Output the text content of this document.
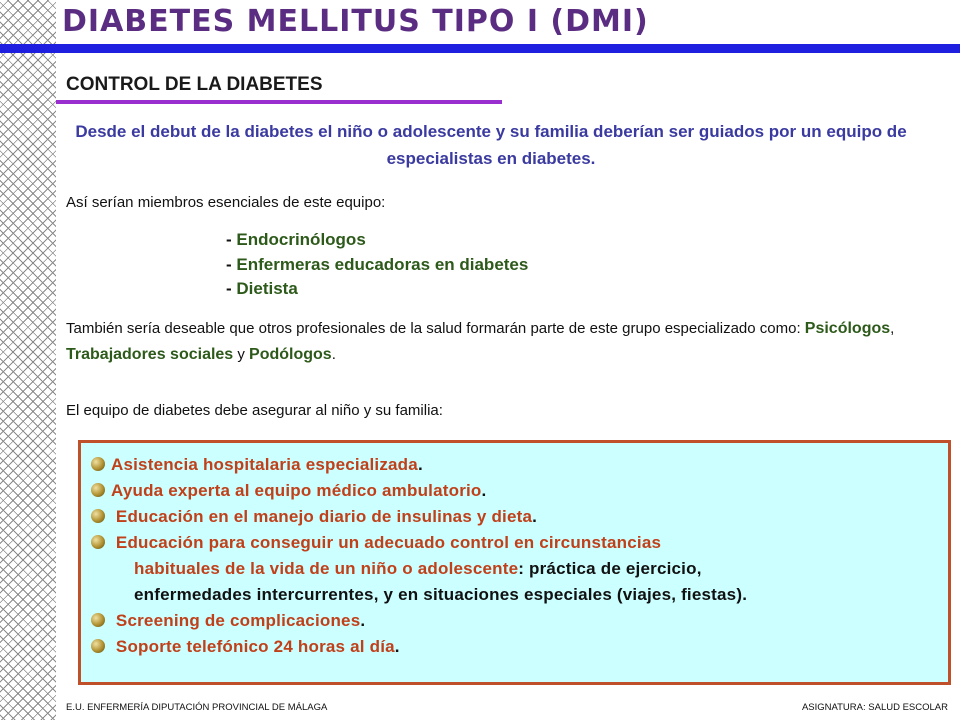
DIABETES MELLITUS TIPO I (DMI)
CONTROL DE LA DIABETES

Desde el debut de la diabetes el niño o adolescente y su familia deberían ser guiados por un equipo de especialistas en diabetes.

Así serían miembros esenciales de este equipo:

- Endocrinólogos
- Enfermeras educadoras en diabetes
- Dietista

También sería deseable que otros profesionales de la salud formarán parte de este grupo especializado como: Psicólogos, Trabajadores sociales y Podólogos.

El equipo de diabetes debe asegurar al niño y su familia:

Asistencia hospitalaria especializada.
Ayuda experta al equipo médico ambulatorio.
Educación en el manejo diario de insulinas y dieta.
Educación para conseguir un adecuado control en circunstancias
habituales de la vida de un niño o adolescente: práctica de ejercicio,
enfermedades intercurrentes, y en situaciones especiales (viajes, fiestas).
Screening de complicaciones.
Soporte telefónico 24 horas al día.

E.U. ENFERMERÍA DIPUTACIÓN PROVINCIAL DE MÁLAGA	ASIGNATURA: SALUD ESCOLAR
